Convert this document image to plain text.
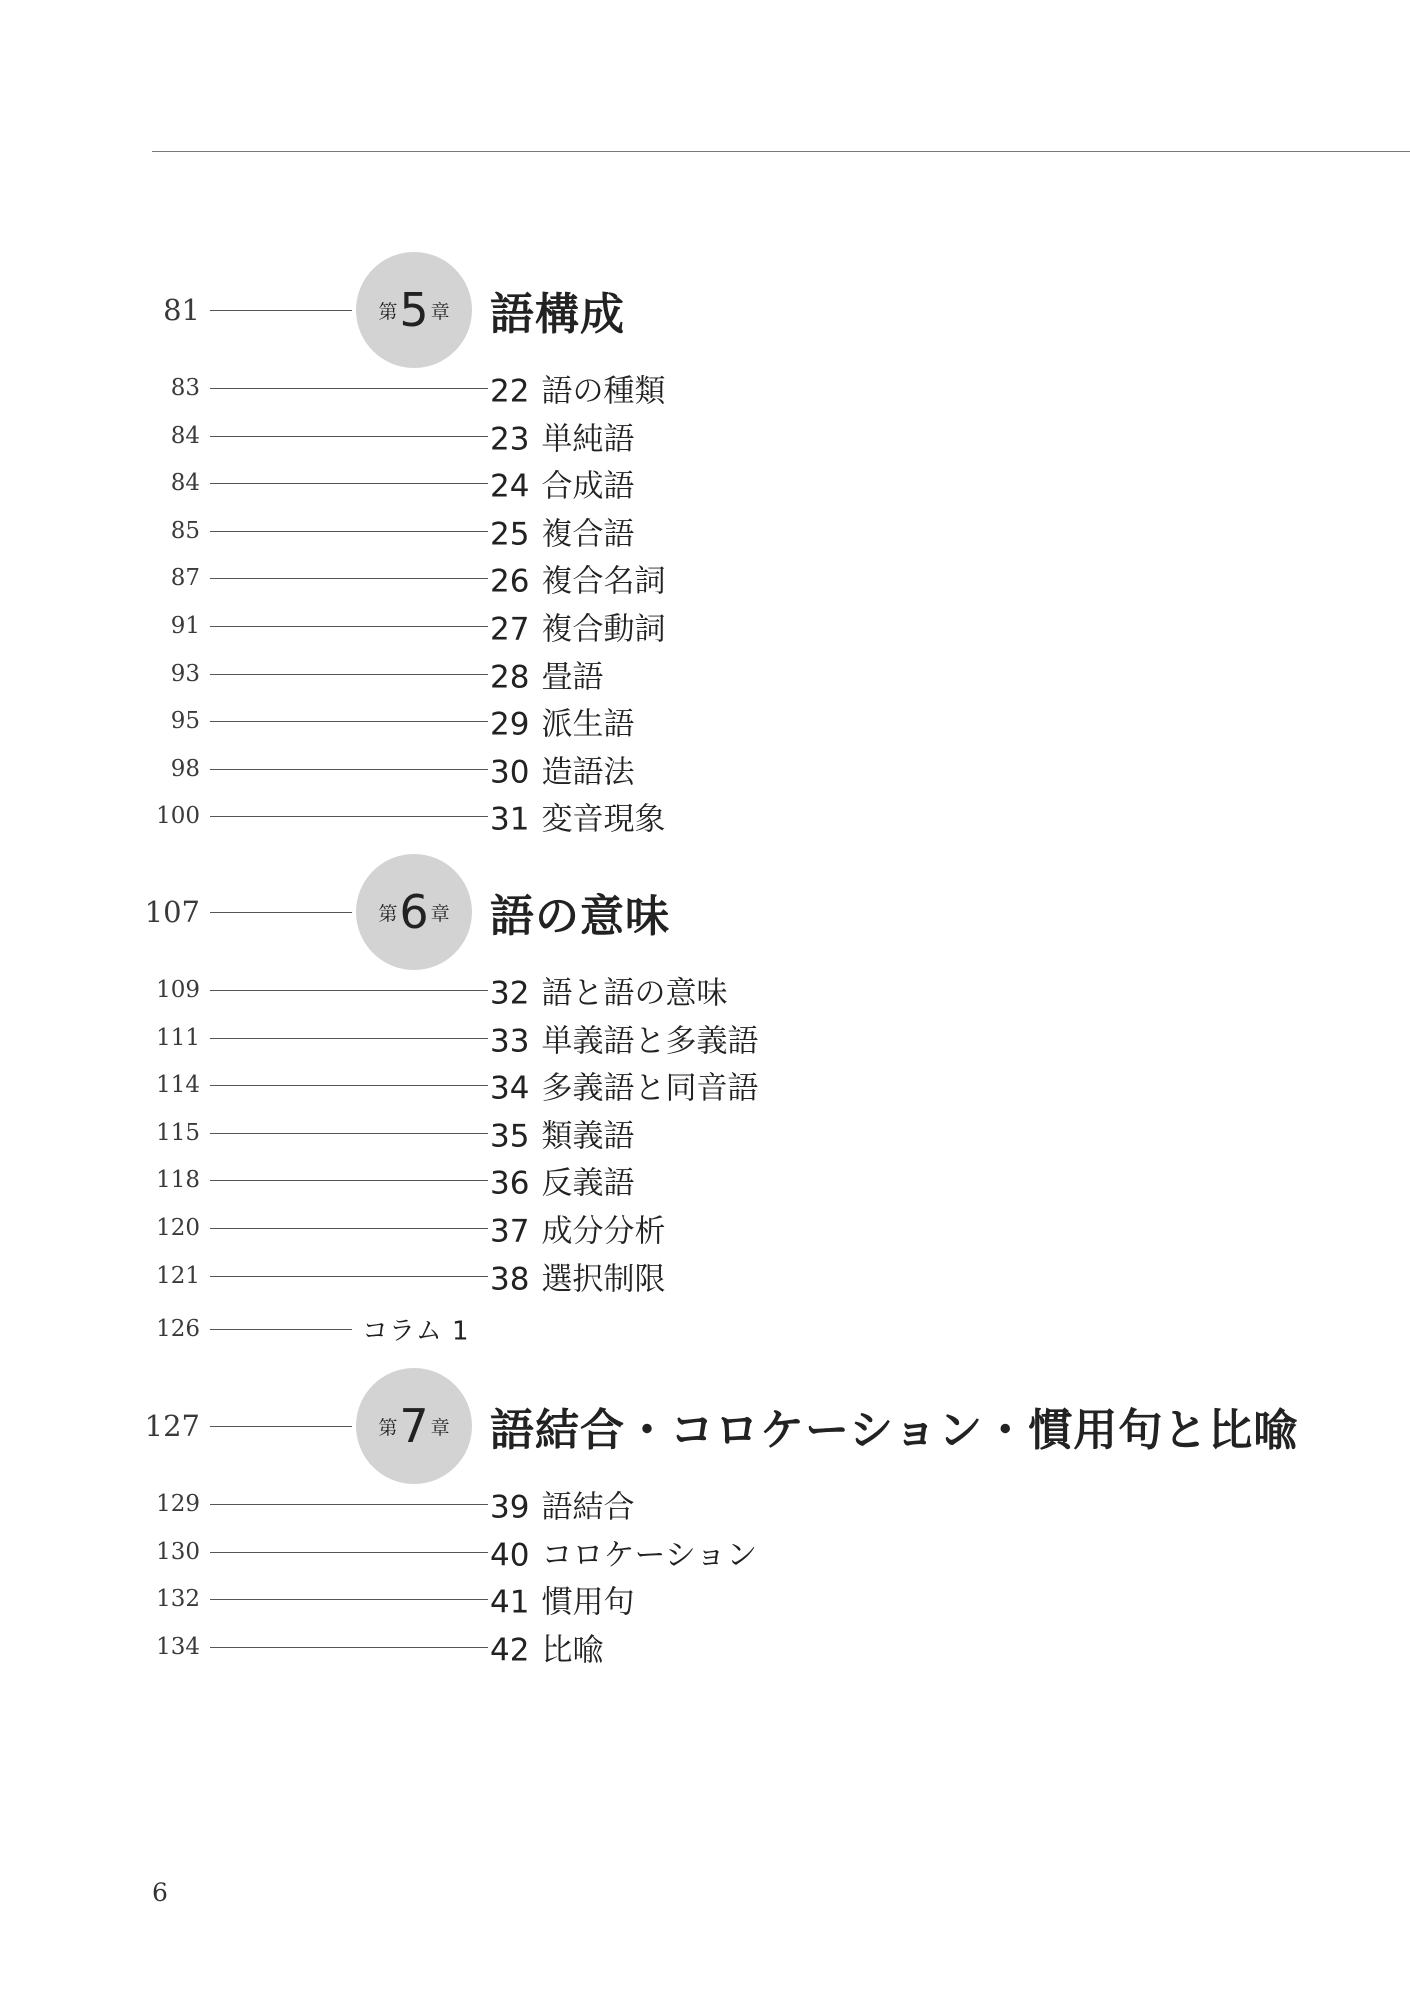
81	第 5 章 語構成
83	22 語の種類
84	23 単純語
84	24 合成語
85	25 複合語
87	26 複合名詞
91	27 複合動詞
93	28 畳語
95	29 派生語
98	30 造語法
100	31 変音現象
107	第 6 章 語の意味
109	32 語と語の意味
111	33 単義語と多義語
114	34 多義語と同音語
115	35 類義語
118	36 反義語
120	37 成分分析
121	38 選択制限
126	コラム 1
127	第 7 章 語結合・コロケーション・慣用句と比喩
129	39 語結合
130	40 コロケーション
132	41 慣用句
134	42 比喩
6
